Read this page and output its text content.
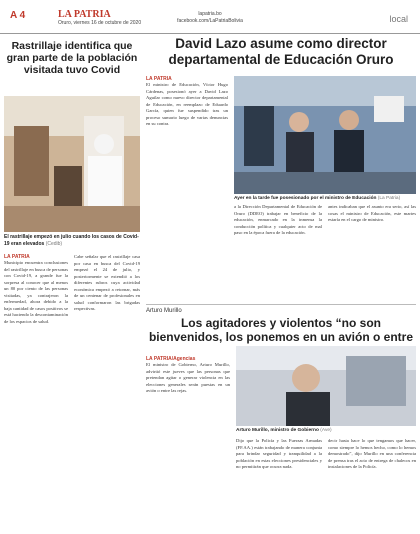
A 4	LA PATRIA
Oruro, viernes 16 de octubre de 2020
lapatria.bo
facebook.com/LaPatriaBolivia	local
Rastrillaje identifica que gran parte de la población visitada tuvo Covid
El rastrillaje empezó en julio cuando los casos de Covid-19 eran elevados (Cedib)
LA PATRIA

Municipio encuentra conclusiones del rastrillaje en busca de personas con Covid-19, a grande fue la sorpresa al conocer que al menos un 80 por ciento de las personas visitadas, ya contrajeron la enfermedad, ahora debido a la baja cantidad de casos positivos se está haciendo la descontaminación de los espacios de salud.

Cabe señalar que el rastrillaje casa por casa en busca del Covid-19 empezó el 24 de julio, y posteriormente se extendió a los diferentes rubros cuya actividad económica empezó a retornar, más de un centenar de profesionales en salud conformaron las brigadas respectivas.

David Lazo asume como director departamental de Educación Oruro
LA PATRIA

El ministro de Educación, Víctor Hugo Cárdenas, posesionó ayer a David Lazo Aguilar como nuevo director departamental de Educación, en reemplazo de Eduardo García, quien fue suspendido tras un proceso sumario luego de varias denuncias en su contra.

Ayer en la tarde fue posesionado por el ministro de Educación (La Patria)

a la Dirección Departamental de Educación de Oruro (DDEO) trabajar en beneficio de la educación, enmarcado en la inmensa la conducción política y cualquier acto de mal paso en la época fuera de la educación.

antes indicaban que el asunto era serio, así las cosas el ministro de Educación, este martes estaría en el cargo de ministro.

Arturo Murillo
Los agitadores y violentos “no son bienvenidos, los ponemos en un avión o entre
LA PATRIA/Agencias

El ministro de Gobierno, Arturo Murillo, advirtió este jueves que las personas que pretendan agitar o generar violencia en las elecciones generales serán puestas en un avión o entre las rejas.

Arturo Murillo, ministro de Gobierno (Ave)

Dijo que la Policía y las Fuerzas Armadas (FF.AA.) están trabajando de manera conjunta para brindar seguridad y tranquilidad a la población en estas elecciones presidenciales y no permitirán que ocurra nada.

decir hasta hace lo que tengamos que hacer, como siempre lo hemos hecho, como lo hemos demostrado”, dijo Murillo en una conferencia de prensa tras el acto de entrega de chalecos en instalaciones de la Policía.
